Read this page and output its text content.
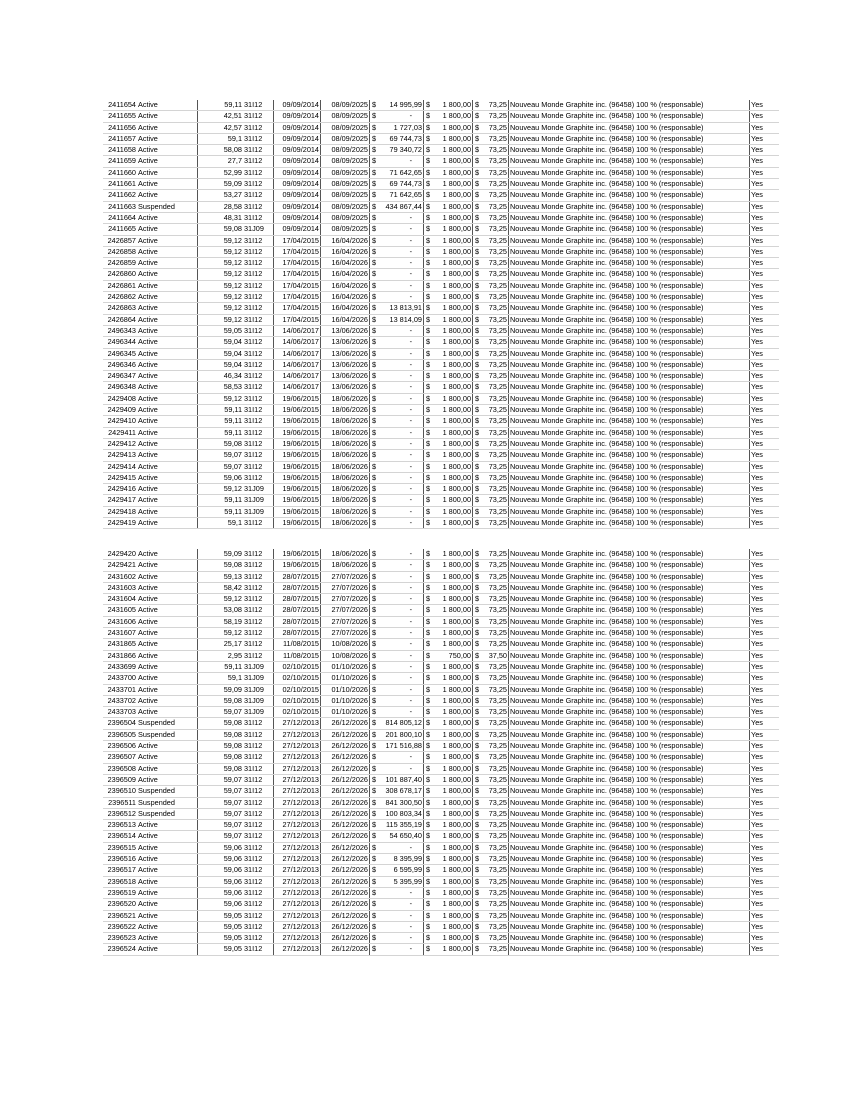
2411654	Active	59,11	31I12	09/09/2014	08/09/2025	$ 14 995,99	$ 1 800,00	$ 73,25	Nouveau Monde Graphite inc. (96458) 100 % (responsable)	Yes
2411655	Active	42,51	31I12	09/09/2014	08/09/2025	$ -	$ 1 800,00	$ 73,25	Nouveau Monde Graphite inc. (96458) 100 % (responsable)	Yes
2411656	Active	42,57	31I12	09/09/2014	08/09/2025	$ 1 727,03	$ 1 800,00	$ 73,25	Nouveau Monde Graphite inc. (96458) 100 % (responsable)	Yes
2411657	Active	59,1	31I12	09/09/2014	08/09/2025	$ 69 744,73	$ 1 800,00	$ 73,25	Nouveau Monde Graphite inc. (96458) 100 % (responsable)	Yes
2411658	Active	58,08	31I12	09/09/2014	08/09/2025	$ 79 340,72	$ 1 800,00	$ 73,25	Nouveau Monde Graphite inc. (96458) 100 % (responsable)	Yes
2411659	Active	27,7	31I12	09/09/2014	08/09/2025	$ -	$ 1 800,00	$ 73,25	Nouveau Monde Graphite inc. (96458) 100 % (responsable)	Yes
2411660	Active	52,99	31I12	09/09/2014	08/09/2025	$ 71 642,65	$ 1 800,00	$ 73,25	Nouveau Monde Graphite inc. (96458) 100 % (responsable)	Yes
2411661	Active	59,09	31I12	09/09/2014	08/09/2025	$ 69 744,73	$ 1 800,00	$ 73,25	Nouveau Monde Graphite inc. (96458) 100 % (responsable)	Yes
2411662	Active	53,27	31I12	09/09/2014	08/09/2025	$ 71 642,65	$ 1 800,00	$ 73,25	Nouveau Monde Graphite inc. (96458) 100 % (responsable)	Yes
2411663	Suspended	28,58	31I12	09/09/2014	08/09/2025	$ 434 867,44	$ 1 800,00	$ 73,25	Nouveau Monde Graphite inc. (96458) 100 % (responsable)	Yes
2411664	Active	48,31	31I12	09/09/2014	08/09/2025	$ -	$ 1 800,00	$ 73,25	Nouveau Monde Graphite inc. (96458) 100 % (responsable)	Yes
2411665	Active	59,08	31J09	09/09/2014	08/09/2025	$ -	$ 1 800,00	$ 73,25	Nouveau Monde Graphite inc. (96458) 100 % (responsable)	Yes
2426857	Active	59,12	31I12	17/04/2015	16/04/2026	$ -	$ 1 800,00	$ 73,25	Nouveau Monde Graphite inc. (96458) 100 % (responsable)	Yes
2426858	Active	59,12	31I12	17/04/2015	16/04/2026	$ -	$ 1 800,00	$ 73,25	Nouveau Monde Graphite inc. (96458) 100 % (responsable)	Yes
2426859	Active	59,12	31I12	17/04/2015	16/04/2026	$ -	$ 1 800,00	$ 73,25	Nouveau Monde Graphite inc. (96458) 100 % (responsable)	Yes
2426860	Active	59,12	31I12	17/04/2015	16/04/2026	$ -	$ 1 800,00	$ 73,25	Nouveau Monde Graphite inc. (96458) 100 % (responsable)	Yes
2426861	Active	59,12	31I12	17/04/2015	16/04/2026	$ -	$ 1 800,00	$ 73,25	Nouveau Monde Graphite inc. (96458) 100 % (responsable)	Yes
2426862	Active	59,12	31I12	17/04/2015	16/04/2026	$ -	$ 1 800,00	$ 73,25	Nouveau Monde Graphite inc. (96458) 100 % (responsable)	Yes
2426863	Active	59,12	31I12	17/04/2015	16/04/2026	$ 13 813,91	$ 1 800,00	$ 73,25	Nouveau Monde Graphite inc. (96458) 100 % (responsable)	Yes
2426864	Active	59,12	31I12	17/04/2015	16/04/2026	$ 13 814,09	$ 1 800,00	$ 73,25	Nouveau Monde Graphite inc. (96458) 100 % (responsable)	Yes
2496343	Active	59,05	31I12	14/06/2017	13/06/2026	$ -	$ 1 800,00	$ 73,25	Nouveau Monde Graphite inc. (96458) 100 % (responsable)	Yes
2496344	Active	59,04	31I12	14/06/2017	13/06/2026	$ -	$ 1 800,00	$ 73,25	Nouveau Monde Graphite inc. (96458) 100 % (responsable)	Yes
2496345	Active	59,04	31I12	14/06/2017	13/06/2026	$ -	$ 1 800,00	$ 73,25	Nouveau Monde Graphite inc. (96458) 100 % (responsable)	Yes
2496346	Active	59,04	31I12	14/06/2017	13/06/2026	$ -	$ 1 800,00	$ 73,25	Nouveau Monde Graphite inc. (96458) 100 % (responsable)	Yes
2496347	Active	46,34	31I12	14/06/2017	13/06/2026	$ -	$ 1 800,00	$ 73,25	Nouveau Monde Graphite inc. (96458) 100 % (responsable)	Yes
2496348	Active	58,53	31I12	14/06/2017	13/06/2026	$ -	$ 1 800,00	$ 73,25	Nouveau Monde Graphite inc. (96458) 100 % (responsable)	Yes
2429408	Active	59,12	31I12	19/06/2015	18/06/2026	$ -	$ 1 800,00	$ 73,25	Nouveau Monde Graphite inc. (96458) 100 % (responsable)	Yes
2429409	Active	59,11	31I12	19/06/2015	18/06/2026	$ -	$ 1 800,00	$ 73,25	Nouveau Monde Graphite inc. (96458) 100 % (responsable)	Yes
2429410	Active	59,11	31I12	19/06/2015	18/06/2026	$ -	$ 1 800,00	$ 73,25	Nouveau Monde Graphite inc. (96458) 100 % (responsable)	Yes
2429411	Active	59,11	31I12	19/06/2015	18/06/2026	$ -	$ 1 800,00	$ 73,25	Nouveau Monde Graphite inc. (96458) 100 % (responsable)	Yes
2429412	Active	59,08	31I12	19/06/2015	18/06/2026	$ -	$ 1 800,00	$ 73,25	Nouveau Monde Graphite inc. (96458) 100 % (responsable)	Yes
2429413	Active	59,07	31I12	19/06/2015	18/06/2026	$ -	$ 1 800,00	$ 73,25	Nouveau Monde Graphite inc. (96458) 100 % (responsable)	Yes
2429414	Active	59,07	31I12	19/06/2015	18/06/2026	$ -	$ 1 800,00	$ 73,25	Nouveau Monde Graphite inc. (96458) 100 % (responsable)	Yes
2429415	Active	59,06	31I12	19/06/2015	18/06/2026	$ -	$ 1 800,00	$ 73,25	Nouveau Monde Graphite inc. (96458) 100 % (responsable)	Yes
2429416	Active	59,12	31J09	19/06/2015	18/06/2026	$ -	$ 1 800,00	$ 73,25	Nouveau Monde Graphite inc. (96458) 100 % (responsable)	Yes
2429417	Active	59,11	31J09	19/06/2015	18/06/2026	$ -	$ 1 800,00	$ 73,25	Nouveau Monde Graphite inc. (96458) 100 % (responsable)	Yes
2429418	Active	59,11	31J09	19/06/2015	18/06/2026	$ -	$ 1 800,00	$ 73,25	Nouveau Monde Graphite inc. (96458) 100 % (responsable)	Yes
2429419	Active	59,1	31I12	19/06/2015	18/06/2026	$ -	$ 1 800,00	$ 73,25	Nouveau Monde Graphite inc. (96458) 100 % (responsable)	Yes
2429420	Active	59,09	31I12	19/06/2015	18/06/2026	$ -	$ 1 800,00	$ 73,25	Nouveau Monde Graphite inc. (96458) 100 % (responsable)	Yes
2429421	Active	59,08	31I12	19/06/2015	18/06/2026	$ -	$ 1 800,00	$ 73,25	Nouveau Monde Graphite inc. (96458) 100 % (responsable)	Yes
2431602	Active	59,13	31I12	28/07/2015	27/07/2026	$ -	$ 1 800,00	$ 73,25	Nouveau Monde Graphite inc. (96458) 100 % (responsable)	Yes
2431603	Active	58,42	31I12	28/07/2015	27/07/2026	$ -	$ 1 800,00	$ 73,25	Nouveau Monde Graphite inc. (96458) 100 % (responsable)	Yes
2431604	Active	59,12	31I12	28/07/2015	27/07/2026	$ -	$ 1 800,00	$ 73,25	Nouveau Monde Graphite inc. (96458) 100 % (responsable)	Yes
2431605	Active	53,08	31I12	28/07/2015	27/07/2026	$ -	$ 1 800,00	$ 73,25	Nouveau Monde Graphite inc. (96458) 100 % (responsable)	Yes
2431606	Active	58,19	31I12	28/07/2015	27/07/2026	$ -	$ 1 800,00	$ 73,25	Nouveau Monde Graphite inc. (96458) 100 % (responsable)	Yes
2431607	Active	59,12	31I12	28/07/2015	27/07/2026	$ -	$ 1 800,00	$ 73,25	Nouveau Monde Graphite inc. (96458) 100 % (responsable)	Yes
2431865	Active	25,17	31I12	11/08/2015	10/08/2026	$ -	$ 1 800,00	$ 73,25	Nouveau Monde Graphite inc. (96458) 100 % (responsable)	Yes
2431866	Active	2,95	31I12	11/08/2015	10/08/2026	$ -	$ 750,00	$ 37,50	Nouveau Monde Graphite inc. (96458) 100 % (responsable)	Yes
2433699	Active	59,11	31J09	02/10/2015	01/10/2026	$ -	$ 1 800,00	$ 73,25	Nouveau Monde Graphite inc. (96458) 100 % (responsable)	Yes
2433700	Active	59,1	31J09	02/10/2015	01/10/2026	$ -	$ 1 800,00	$ 73,25	Nouveau Monde Graphite inc. (96458) 100 % (responsable)	Yes
2433701	Active	59,09	31J09	02/10/2015	01/10/2026	$ -	$ 1 800,00	$ 73,25	Nouveau Monde Graphite inc. (96458) 100 % (responsable)	Yes
2433702	Active	59,08	31J09	02/10/2015	01/10/2026	$ -	$ 1 800,00	$ 73,25	Nouveau Monde Graphite inc. (96458) 100 % (responsable)	Yes
2433703	Active	59,07	31J09	02/10/2015	01/10/2026	$ -	$ 1 800,00	$ 73,25	Nouveau Monde Graphite inc. (96458) 100 % (responsable)	Yes
2396504	Suspended	59,08	31I12	27/12/2013	26/12/2026	$ 814 805,12	$ 1 800,00	$ 73,25	Nouveau Monde Graphite inc. (96458) 100 % (responsable)	Yes
2396505	Suspended	59,08	31I12	27/12/2013	26/12/2026	$ 201 800,10	$ 1 800,00	$ 73,25	Nouveau Monde Graphite inc. (96458) 100 % (responsable)	Yes
2396506	Active	59,08	31I12	27/12/2013	26/12/2026	$ 171 516,88	$ 1 800,00	$ 73,25	Nouveau Monde Graphite inc. (96458) 100 % (responsable)	Yes
2396507	Active	59,08	31I12	27/12/2013	26/12/2026	$ -	$ 1 800,00	$ 73,25	Nouveau Monde Graphite inc. (96458) 100 % (responsable)	Yes
2396508	Active	59,08	31I12	27/12/2013	26/12/2026	$ -	$ 1 800,00	$ 73,25	Nouveau Monde Graphite inc. (96458) 100 % (responsable)	Yes
2396509	Active	59,07	31I12	27/12/2013	26/12/2026	$ 101 887,40	$ 1 800,00	$ 73,25	Nouveau Monde Graphite inc. (96458) 100 % (responsable)	Yes
2396510	Suspended	59,07	31I12	27/12/2013	26/12/2026	$ 308 678,17	$ 1 800,00	$ 73,25	Nouveau Monde Graphite inc. (96458) 100 % (responsable)	Yes
2396511	Suspended	59,07	31I12	27/12/2013	26/12/2026	$ 841 300,50	$ 1 800,00	$ 73,25	Nouveau Monde Graphite inc. (96458) 100 % (responsable)	Yes
2396512	Suspended	59,07	31I12	27/12/2013	26/12/2026	$ 100 803,34	$ 1 800,00	$ 73,25	Nouveau Monde Graphite inc. (96458) 100 % (responsable)	Yes
2396513	Active	59,07	31I12	27/12/2013	26/12/2026	$ 115 355,19	$ 1 800,00	$ 73,25	Nouveau Monde Graphite inc. (96458) 100 % (responsable)	Yes
2396514	Active	59,07	31I12	27/12/2013	26/12/2026	$ 54 650,40	$ 1 800,00	$ 73,25	Nouveau Monde Graphite inc. (96458) 100 % (responsable)	Yes
2396515	Active	59,06	31I12	27/12/2013	26/12/2026	$ -	$ 1 800,00	$ 73,25	Nouveau Monde Graphite inc. (96458) 100 % (responsable)	Yes
2396516	Active	59,06	31I12	27/12/2013	26/12/2026	$ 8 395,99	$ 1 800,00	$ 73,25	Nouveau Monde Graphite inc. (96458) 100 % (responsable)	Yes
2396517	Active	59,06	31I12	27/12/2013	26/12/2026	$ 6 595,99	$ 1 800,00	$ 73,25	Nouveau Monde Graphite inc. (96458) 100 % (responsable)	Yes
2396518	Active	59,06	31I12	27/12/2013	26/12/2026	$ 5 395,99	$ 1 800,00	$ 73,25	Nouveau Monde Graphite inc. (96458) 100 % (responsable)	Yes
2396519	Active	59,06	31I12	27/12/2013	26/12/2026	$ -	$ 1 800,00	$ 73,25	Nouveau Monde Graphite inc. (96458) 100 % (responsable)	Yes
2396520	Active	59,06	31I12	27/12/2013	26/12/2026	$ -	$ 1 800,00	$ 73,25	Nouveau Monde Graphite inc. (96458) 100 % (responsable)	Yes
2396521	Active	59,05	31I12	27/12/2013	26/12/2026	$ -	$ 1 800,00	$ 73,25	Nouveau Monde Graphite inc. (96458) 100 % (responsable)	Yes
2396522	Active	59,05	31I12	27/12/2013	26/12/2026	$ -	$ 1 800,00	$ 73,25	Nouveau Monde Graphite inc. (96458) 100 % (responsable)	Yes
2396523	Active	59,05	31I12	27/12/2013	26/12/2026	$ -	$ 1 800,00	$ 73,25	Nouveau Monde Graphite inc. (96458) 100 % (responsable)	Yes
2396524	Active	59,05	31I12	27/12/2013	26/12/2026	$ -	$ 1 800,00	$ 73,25	Nouveau Monde Graphite inc. (96458) 100 % (responsable)	Yes
